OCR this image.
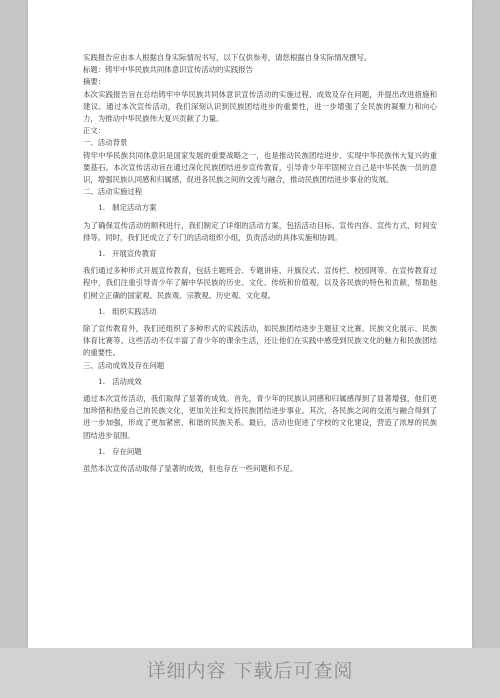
实践报告应由本人根据自身实际情况书写，以下仅供参考，请您根据自身实际情况撰写。

标题：铸牢中华民族共同体意识宣传活动的实践报告

摘要：

本次实践报告旨在总结铸牢中华民族共同体意识宣传活动的实施过程、成效及存在问题，并提出改进措施和建议。通过本次宣传活动，我们深刻认识到民族团结进步的重要性，进一步增强了全民族的凝聚力和向心力，为推动中华民族伟大复兴贡献了力量。

正文：

一、活动背景

铸牢中华民族共同体意识是国家发展的重要战略之一，也是推动民族团结进步、实现中华民族伟大复兴的重要基石。本次宣传活动旨在通过深化民族团结进步宣传教育，引导青少年牢固树立自己是中华民族一员的意识，增强民族认同感和归属感，促进各民族之间的交流与融合，推动民族团结进步事业的发展。

二、活动实施过程

1. 制定活动方案

为了确保宣传活动的顺利进行，我们制定了详细的活动方案，包括活动目标、宣传内容、宣传方式、时间安排等。同时，我们还成立了专门的活动组织小组，负责活动的具体实施和协调。

1. 开展宣传教育

我们通过多种形式开展宣传教育，包括主题班会、专题讲座、升旗仪式、宣传栏、校园网等。在宣传教育过程中，我们注重引导青少年了解中华民族的历史、文化、传统和价值观，以及各民族的特色和贡献，帮助他们树立正确的国家观、民族观、宗教观、历史观、文化观。

1. 组织实践活动

除了宣传教育外，我们还组织了多种形式的实践活动，如民族团结进步主题征文比赛、民族文化展示、民族体育比赛等。这些活动不仅丰富了青少年的课余生活，还让他们在实践中感受到民族文化的魅力和民族团结的重要性。

三、活动成效及存在问题

1. 活动成效

通过本次宣传活动，我们取得了显著的成效。首先，青少年的民族认同感和归属感得到了显著增强，他们更加珍惜和热爱自己的民族文化，更加关注和支持民族团结进步事业。其次，各民族之间的交流与融合得到了进一步加强，形成了更加紧密、和谐的民族关系。最后，活动也促进了学校的文化建设，营造了浓厚的民族团结进步氛围。

1. 存在问题

虽然本次宣传活动取得了显著的成效，但也存在一些问题和不足。

详细内容 下载后可查阅
